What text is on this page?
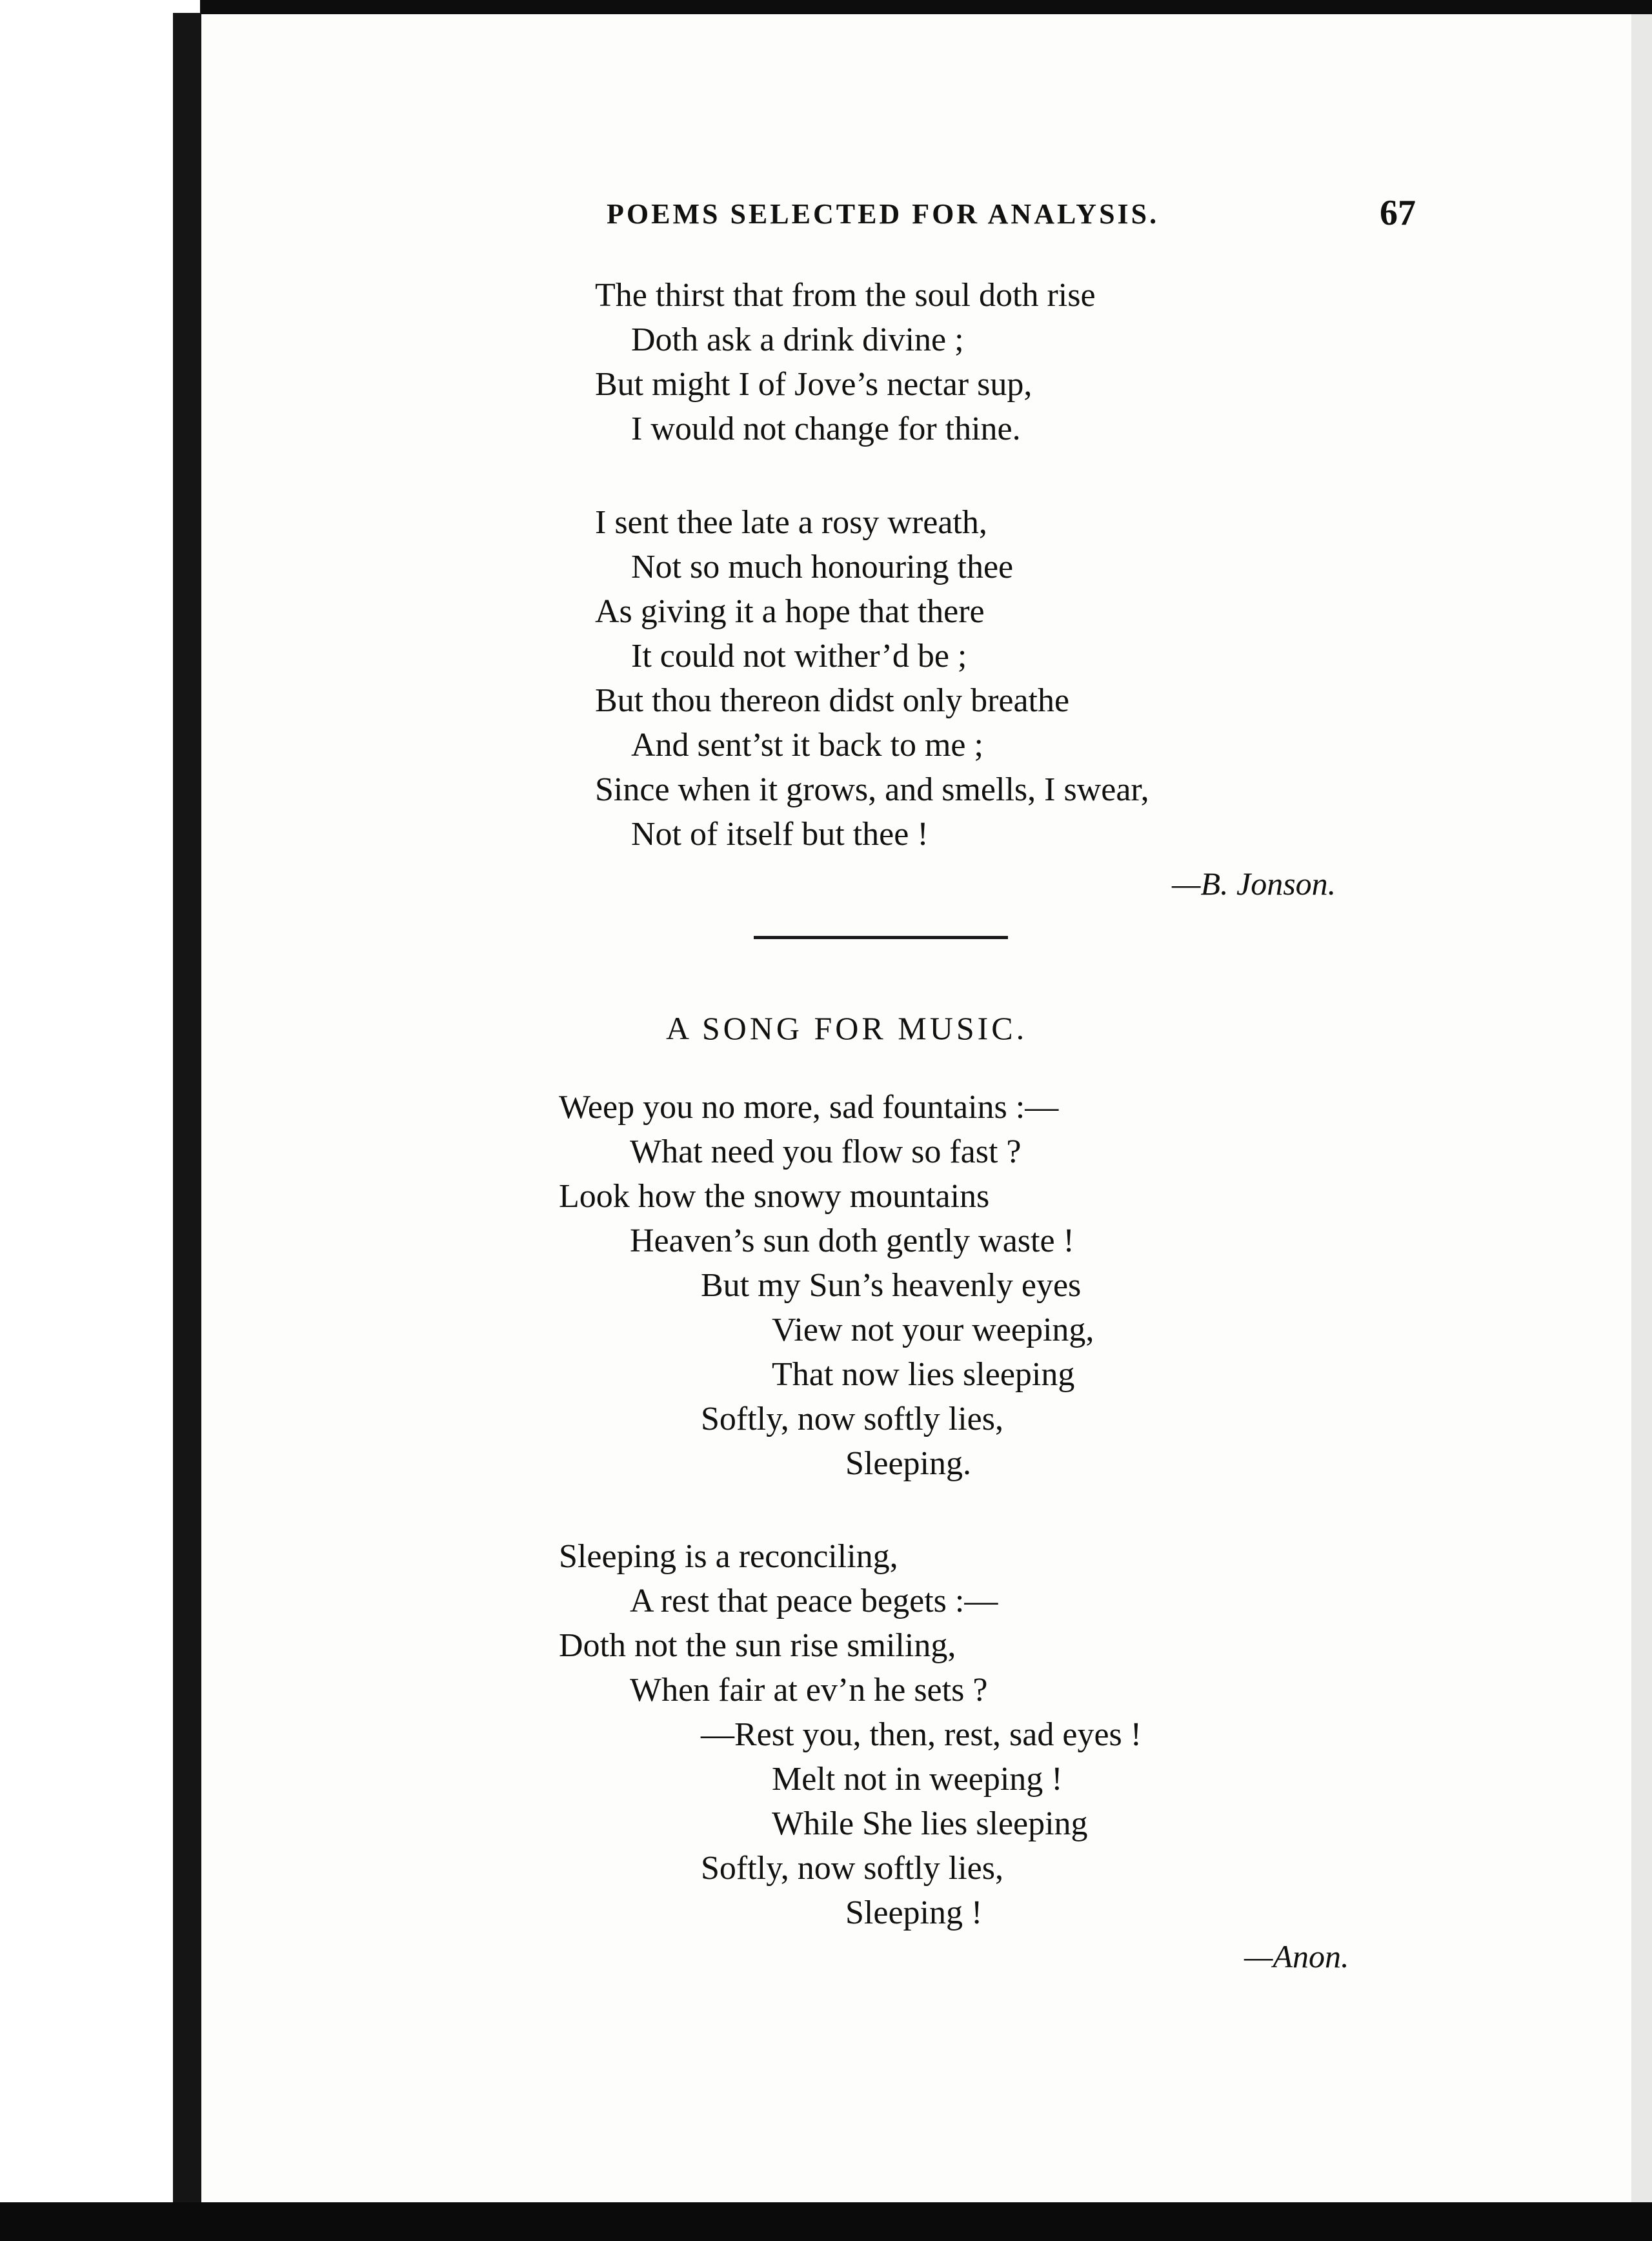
POEMS SELECTED FOR ANALYSIS.	67
The thirst that from the soul doth rise
Doth ask a drink divine ;
But might I of Jove’s nectar sup,
I would not change for thine.
I sent thee late a rosy wreath,
Not so much honouring thee
As giving it a hope that there
It could not wither’d be ;
But thou thereon didst only breathe
And sent’st it back to me ;
Since when it grows, and smells, I swear,
Not of itself but thee !
—B. Jonson.
A SONG FOR MUSIC.
Weep you no more, sad fountains :—
What need you flow so fast ?
Look how the snowy mountains
Heaven’s sun doth gently waste !
But my Sun’s heavenly eyes
View not your weeping,
That now lies sleeping
Softly, now softly lies,
Sleeping.
Sleeping is a reconciling,
A rest that peace begets :—
Doth not the sun rise smiling,
When fair at ev’n he sets ?
—Rest you, then, rest, sad eyes !
Melt not in weeping !
While She lies sleeping
Softly, now softly lies,
Sleeping !
—Anon.
